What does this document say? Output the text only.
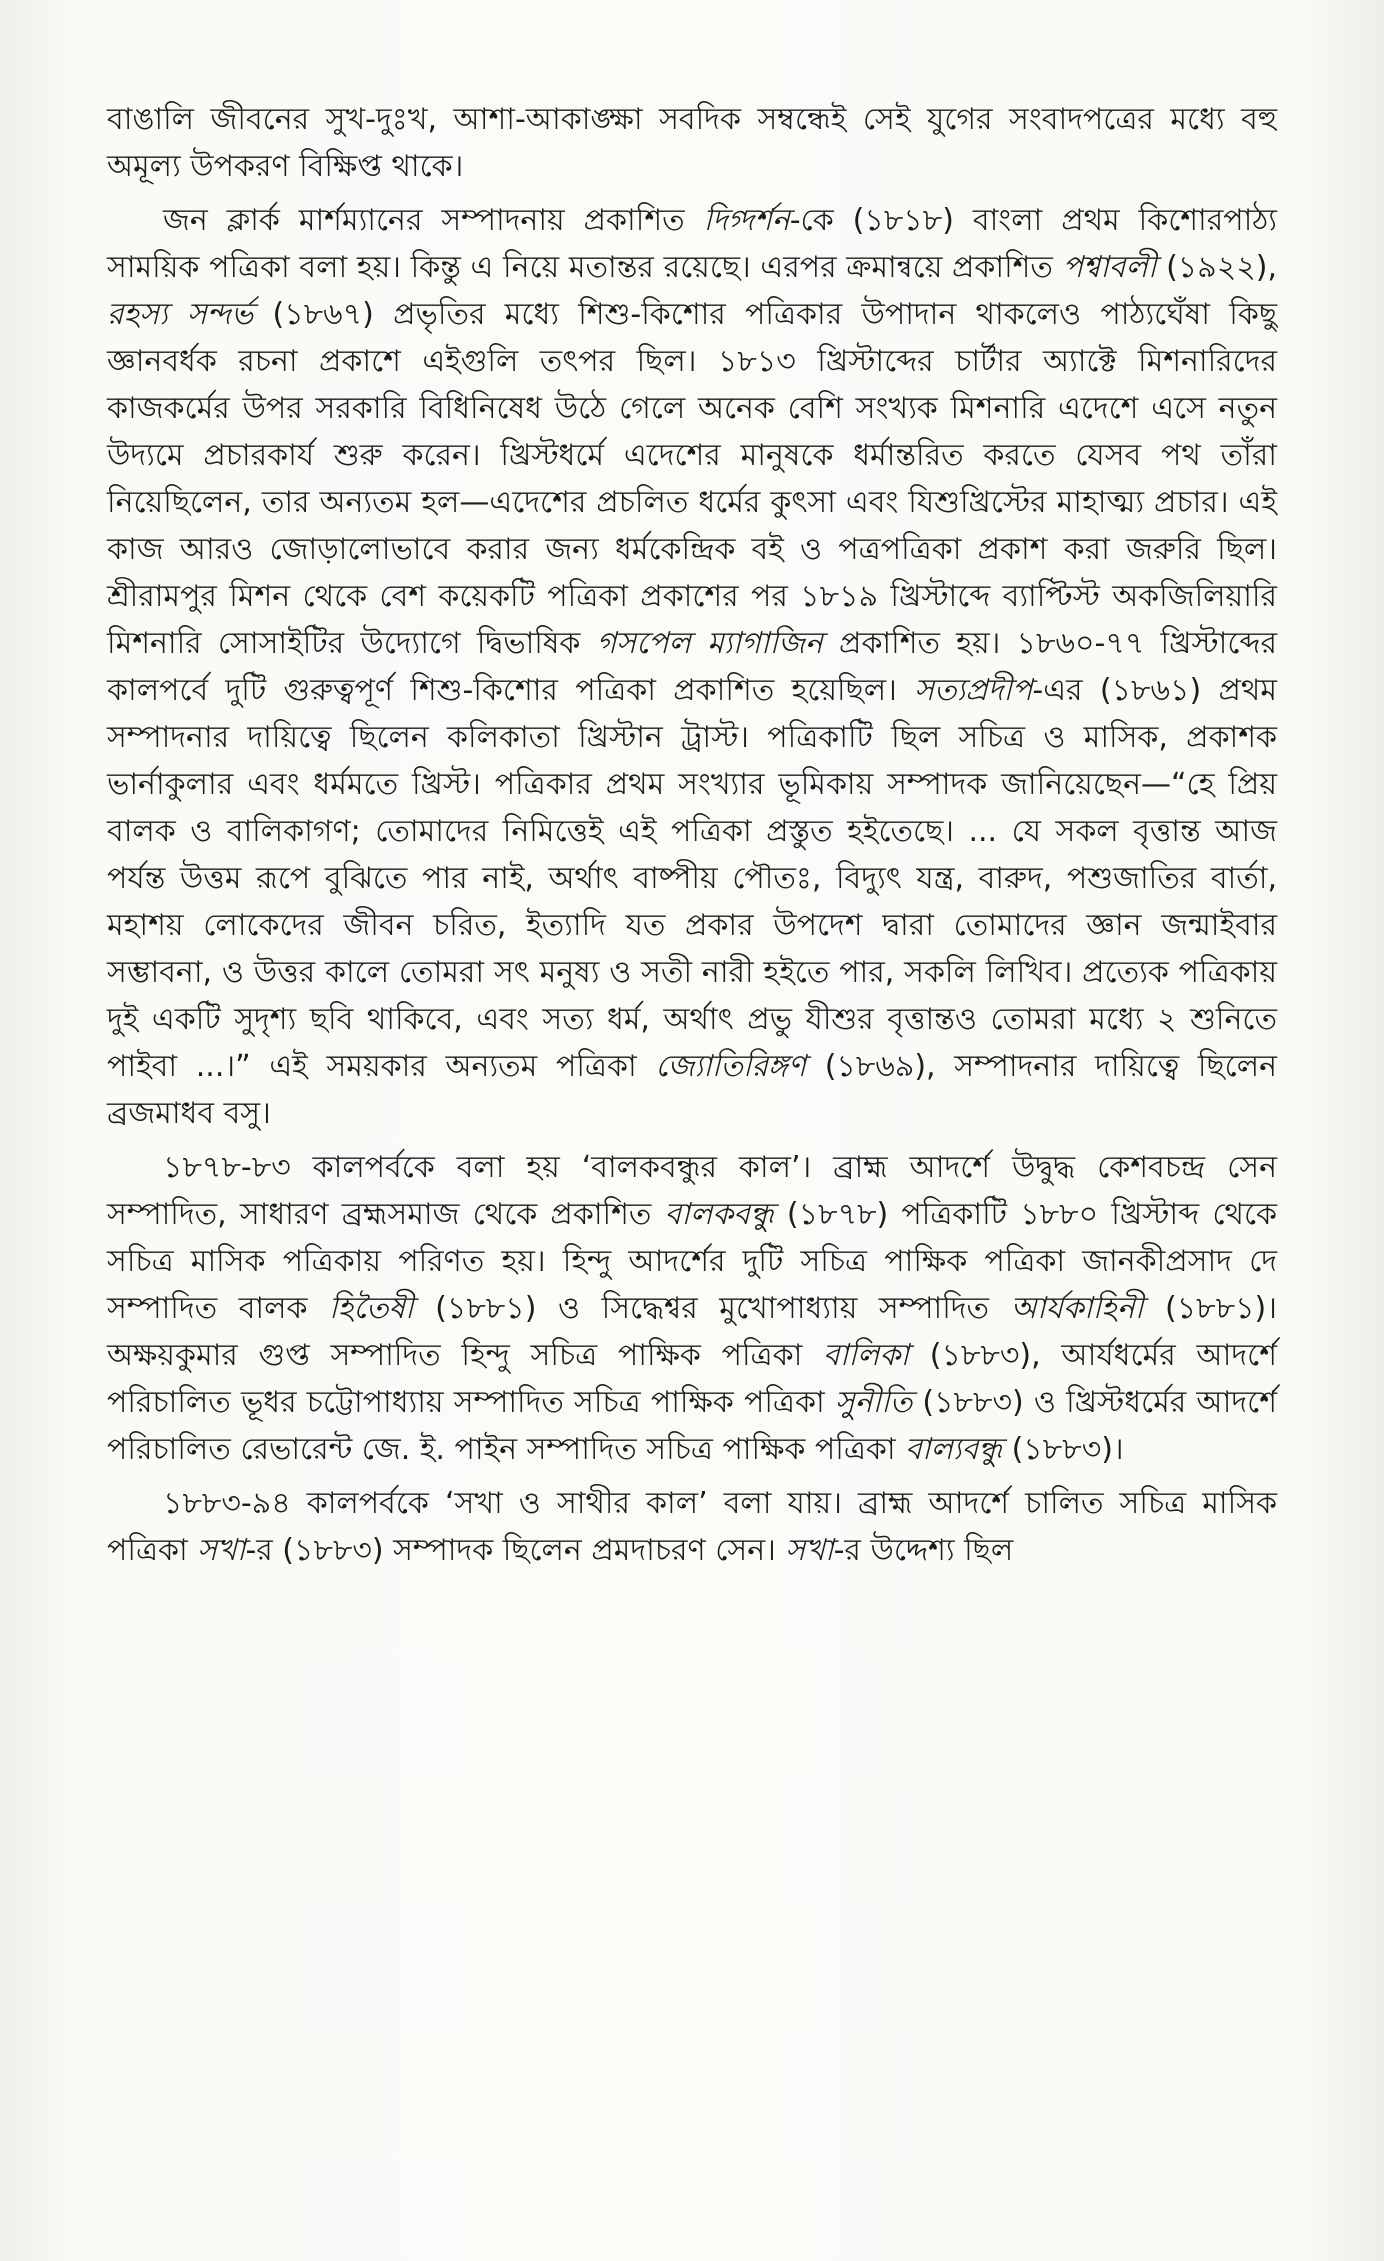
বাঙালি জীবনের সুখ-দুঃখ, আশা-আকাঙ্ক্ষা সবদিক সম্বন্ধেই সেই যুগের সংবাদপত্রের মধ্যে বহু অমূল্য উপকরণ বিক্ষিপ্ত থাকে।

জন ক্লার্ক মার্শম্যানের সম্পাদনায় প্রকাশিত দিগ্দর্শন-কে (১৮১৮) বাংলা প্রথম কিশোরপাঠ্য সাময়িক পত্রিকা বলা হয়। কিন্তু এ নিয়ে মতান্তর রয়েছে। এরপর ক্রমান্বয়ে প্রকাশিত পশ্বাবলী (১৯২২), রহস্য সন্দর্ভ (১৮৬৭) প্রভৃতির মধ্যে শিশু-কিশোর পত্রিকার উপাদান থাকলেও পাঠ্যঘেঁষা কিছু জ্ঞানবর্ধক রচনা প্রকাশে এইগুলি তৎপর ছিল। ১৮১৩ খ্রিস্টাব্দের চার্টার অ্যাক্টে মিশনারিদের কাজকর্মের উপর সরকারি বিধিনিষেধ উঠে গেলে অনেক বেশি সংখ্যক মিশনারি এদেশে এসে নতুন উদ্যমে প্রচারকার্য শুরু করেন। খ্রিস্টধর্মে এদেশের মানুষকে ধর্মান্তরিত করতে যেসব পথ তাঁরা নিয়েছিলেন, তার অন্যতম হল—এদেশের প্রচলিত ধর্মের কুৎসা এবং যিশুখ্রিস্টের মাহাত্ম্য প্রচার। এই কাজ আরও জোড়ালোভাবে করার জন্য ধর্মকেন্দ্রিক বই ও পত্রপত্রিকা প্রকাশ করা জরুরি ছিল। শ্রীরামপুর মিশন থেকে বেশ কয়েকটি পত্রিকা প্রকাশের পর ১৮১৯ খ্রিস্টাব্দে ব্যাপ্টিস্ট অকজিলিয়ারি মিশনারি সোসাইটির উদ্যোগে দ্বিভাষিক গসপেল ম্যাগাজিন প্রকাশিত হয়। ১৮৬০-৭৭ খ্রিস্টাব্দের কালপর্বে দুটি গুরুত্বপূর্ণ শিশু-কিশোর পত্রিকা প্রকাশিত হয়েছিল। সত্যপ্রদীপ-এর (১৮৬১) প্রথম সম্পাদনার দায়িত্বে ছিলেন কলিকাতা খ্রিস্টান ট্রাস্ট। পত্রিকাটি ছিল সচিত্র ও মাসিক, প্রকাশক ভার্নাকুলার এবং ধর্মমতে খ্রিস্ট। পত্রিকার প্রথম সংখ্যার ভূমিকায় সম্পাদক জানিয়েছেন—“হে প্রিয় বালক ও বালিকাগণ; তোমাদের নিমিত্তেই এই পত্রিকা প্রস্তুত হইতেছে। ... যে সকল বৃত্তান্ত আজ পর্যন্ত উত্তম রূপে বুঝিতে পার নাই, অর্থাৎ বাষ্পীয় পৌতঃ, বিদ্যুৎ যন্ত্র, বারুদ, পশুজাতির বার্তা, মহাশয় লোকেদের জীবন চরিত, ইত্যাদি যত প্রকার উপদেশ দ্বারা তোমাদের জ্ঞান জন্মাইবার সম্ভাবনা, ও উত্তর কালে তোমরা সৎ মনুষ্য ও সতী নারী হইতে পার, সকলি লিখিব। প্রত্যেক পত্রিকায় দুই একটি সুদৃশ্য ছবি থাকিবে, এবং সত্য ধর্ম, অর্থাৎ প্রভু যীশুর বৃত্তান্তও তোমরা মধ্যে ২ শুনিতে পাইবা ...।” এই সময়কার অন্যতম পত্রিকা জ্যোতিরিঙ্গণ (১৮৬৯), সম্পাদনার দায়িত্বে ছিলেন ব্রজমাধব বসু।

১৮৭৮-৮৩ কালপর্বকে বলা হয় ‘বালকবন্ধুর কাল’। ব্রাহ্ম আদর্শে উদ্বুদ্ধ কেশবচন্দ্র সেন সম্পাদিত, সাধারণ ব্রহ্মসমাজ থেকে প্রকাশিত বালকবন্ধু (১৮৭৮) পত্রিকাটি ১৮৮০ খ্রিস্টাব্দ থেকে সচিত্র মাসিক পত্রিকায় পরিণত হয়। হিন্দু আদর্শের দুটি সচিত্র পাক্ষিক পত্রিকা জানকীপ্রসাদ দে সম্পাদিত বালক হিতৈষী (১৮৮১) ও সিদ্ধেশ্বর মুখোপাধ্যায় সম্পাদিত আর্যকাহিনী (১৮৮১)। অক্ষয়কুমার গুপ্ত সম্পাদিত হিন্দু সচিত্র পাক্ষিক পত্রিকা বালিকা (১৮৮৩), আর্যধর্মের আদর্শে পরিচালিত ভূধর চট্টোপাধ্যায় সম্পাদিত সচিত্র পাক্ষিক পত্রিকা সুনীতি (১৮৮৩) ও খ্রিস্টধর্মের আদর্শে পরিচালিত রেভারেন্ট জে. ই. পাইন সম্পাদিত সচিত্র পাক্ষিক পত্রিকা বাল্যবন্ধু (১৮৮৩)।

১৮৮৩-৯৪ কালপর্বকে ‘সখা ও সাথীর কাল’ বলা যায়। ব্রাহ্ম আদর্শে চালিত সচিত্র মাসিক পত্রিকা সখা-র (১৮৮৩) সম্পাদক ছিলেন প্রমদাচরণ সেন। সখা-র উদ্দেশ্য ছিল
